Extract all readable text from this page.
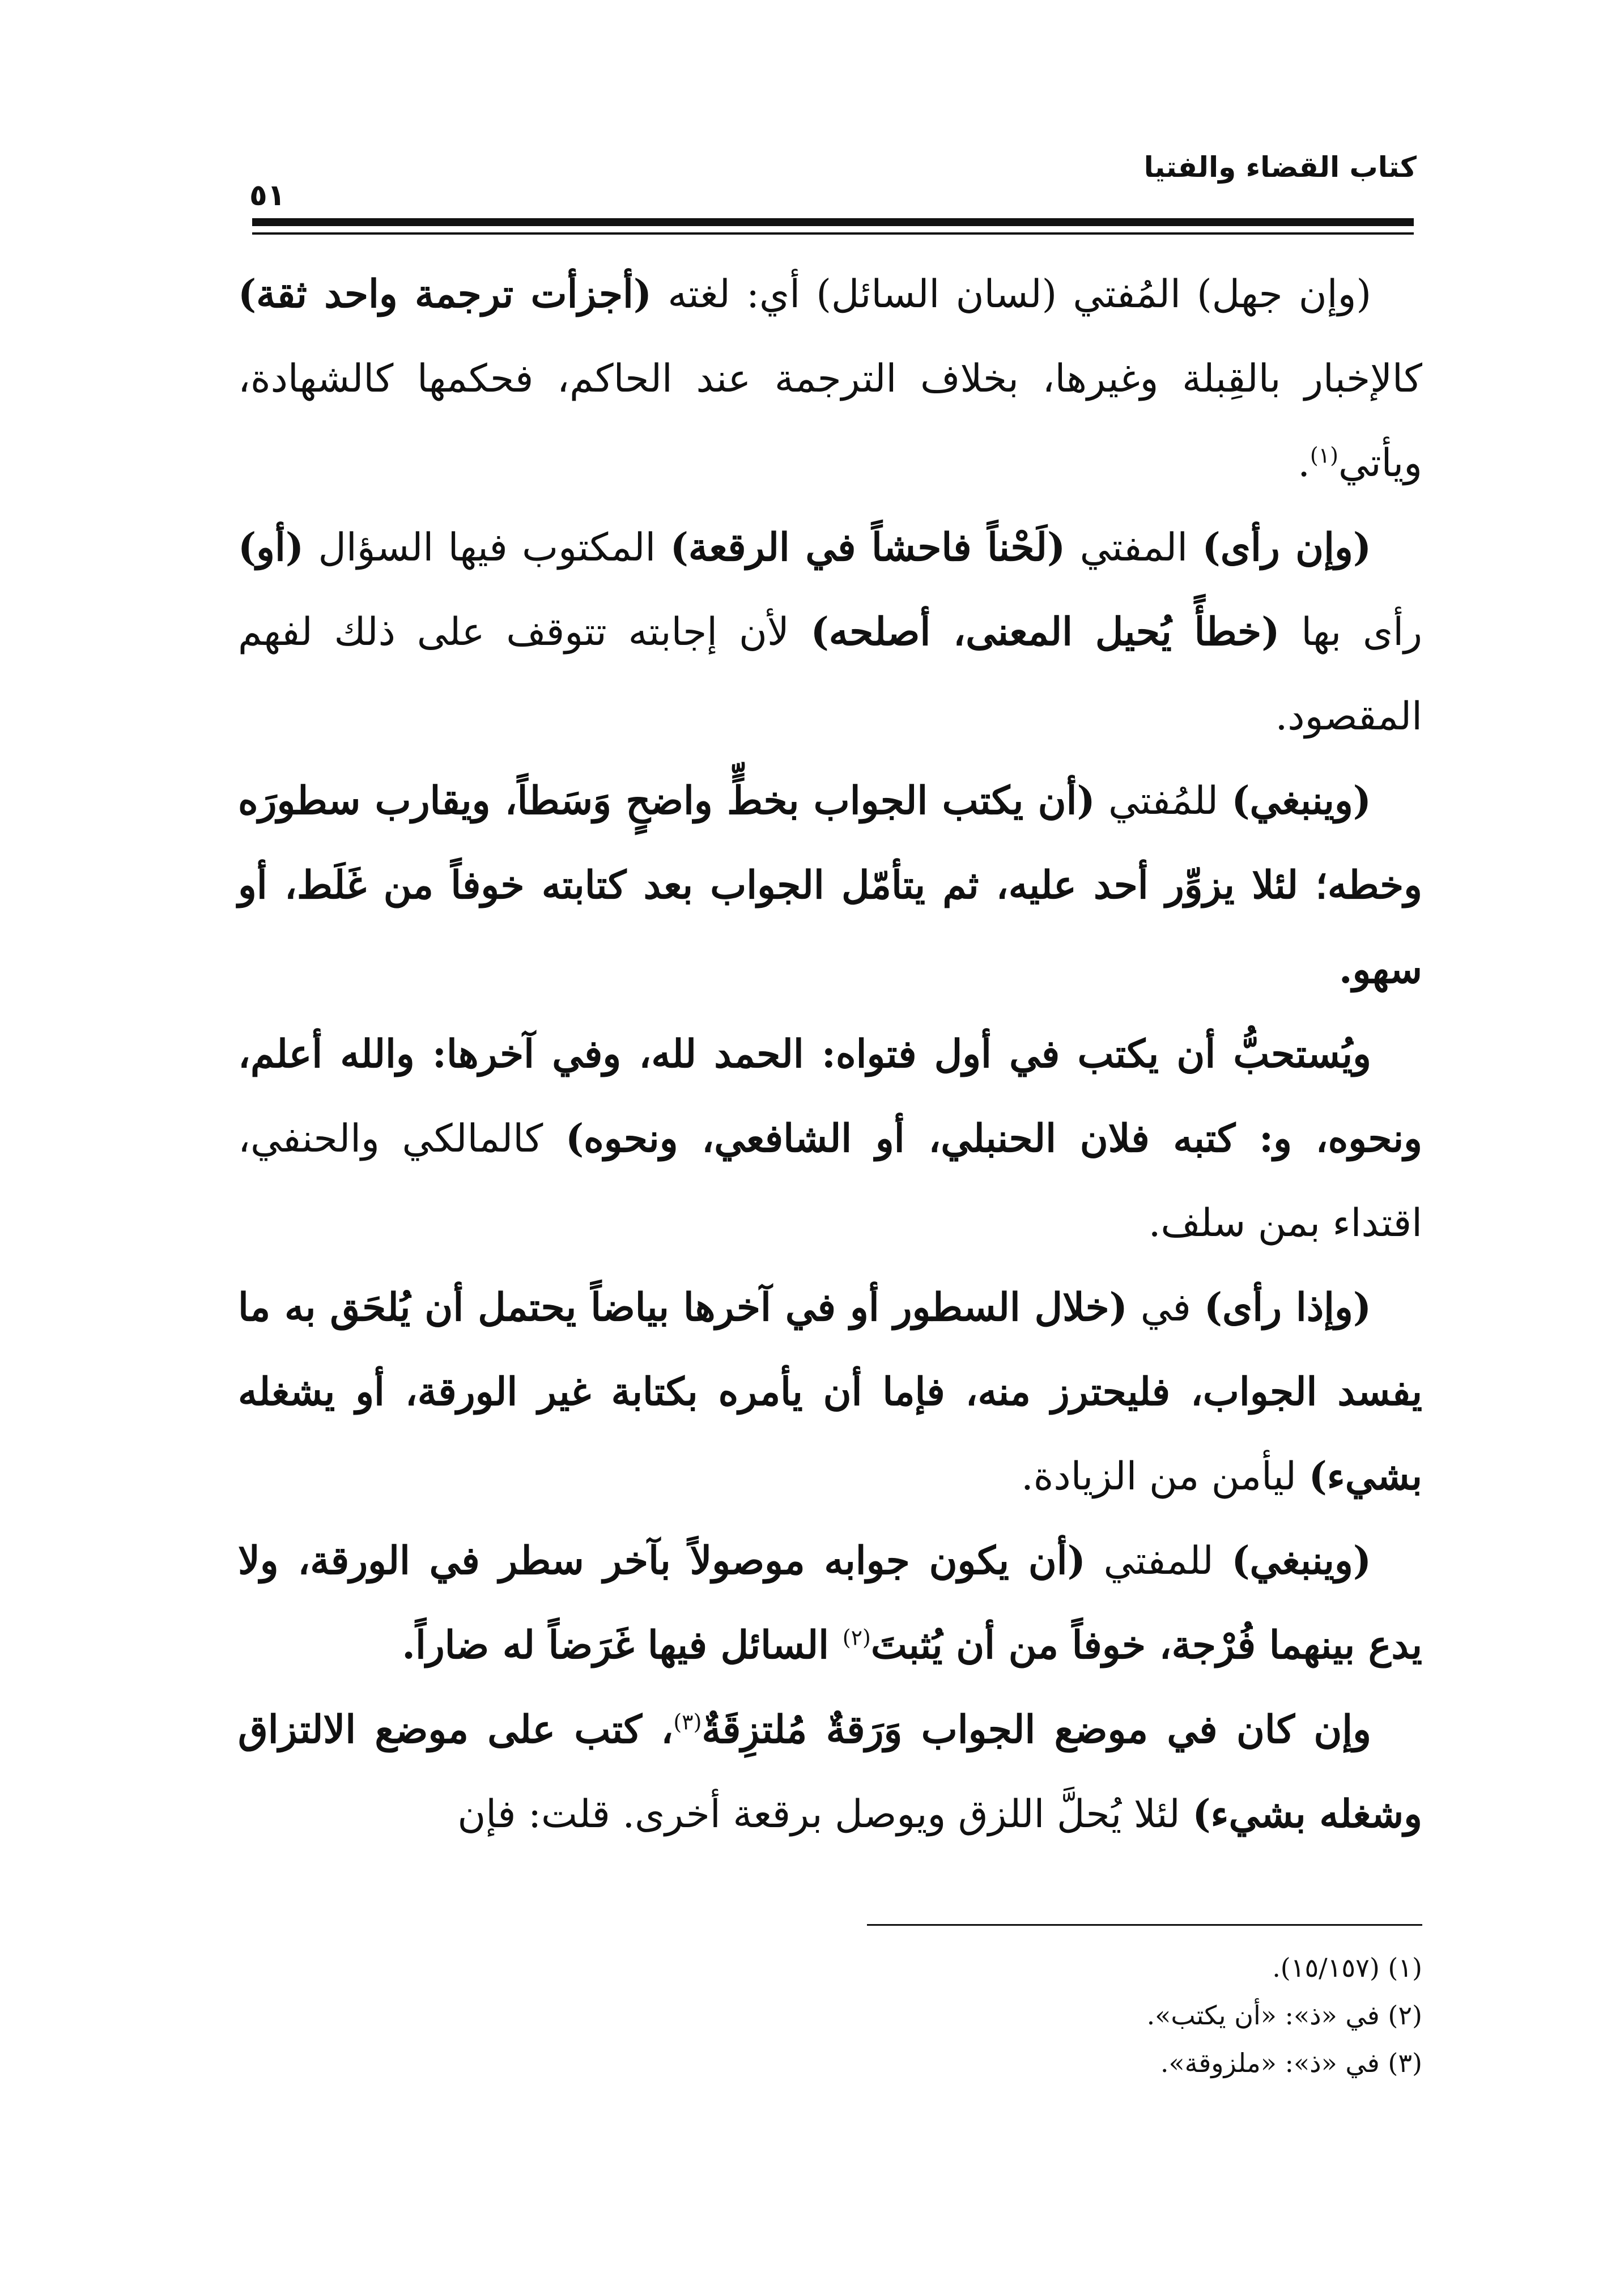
كتاب القضاء والفتيا
٥١

(وإن جهل) المُفتي (لسان السائل) أي: لغته (أجزأت ترجمة واحد ثقة) كالإخبار بالقِبلة وغيرها، بخلاف الترجمة عند الحاكم، فحكمها كالشهادة، ويأتي$^{(١)}$.

(وإن رأى) المفتي (لَحْناً فاحشاً في الرقعة) المكتوب فيها السؤال (أو) رأى بها (خطأً يُحيل المعنى، أصلحه) لأن إجابته تتوقف على ذلك لفهم المقصود.

(وينبغي) للمُفتي (أن يكتب الجواب بخطٍّ واضحٍ وَسَطاً، ويقارب سطورَه وخطه؛ لئلا يزوِّر أحد عليه، ثم يتأمّل الجواب بعد كتابته خوفاً من غَلَط، أو سهو.

ويُستحبُّ أن يكتب في أول فتواه: الحمد لله، وفي آخرها: والله أعلم، ونحوه، و: كتبه فلان الحنبلي، أو الشافعي، ونحوه) كالمالكي والحنفي، اقتداء بمن سلف.

(وإذا رأى) في (خلال السطور أو في آخرها بياضاً يحتمل أن يُلحَق به ما يفسد الجواب، فليحترز منه، فإما أن يأمره بكتابة غير الورقة، أو يشغله بشيء) ليأمن من الزيادة.

(وينبغي) للمفتي (أن يكون جوابه موصولاً بآخر سطر في الورقة، ولا يدع بينهما فُرْجة، خوفاً من أن يُثبتَ$^{(٢)}$ السائل فيها غَرَضاً له ضاراً.

وإن كان في موضع الجواب وَرَقةٌ مُلتزِقَةٌ$^{(٣)}$، كتب على موضع الالتزاق وشغله بشيء) لئلا يُحلَّ اللزق ويوصل برقعة أخرى. قلت: فإن

(١) (١٥/١٥٧).
(٢) في «ذ»: «أن يكتب».
(٣) في «ذ»: «ملزوقة».
